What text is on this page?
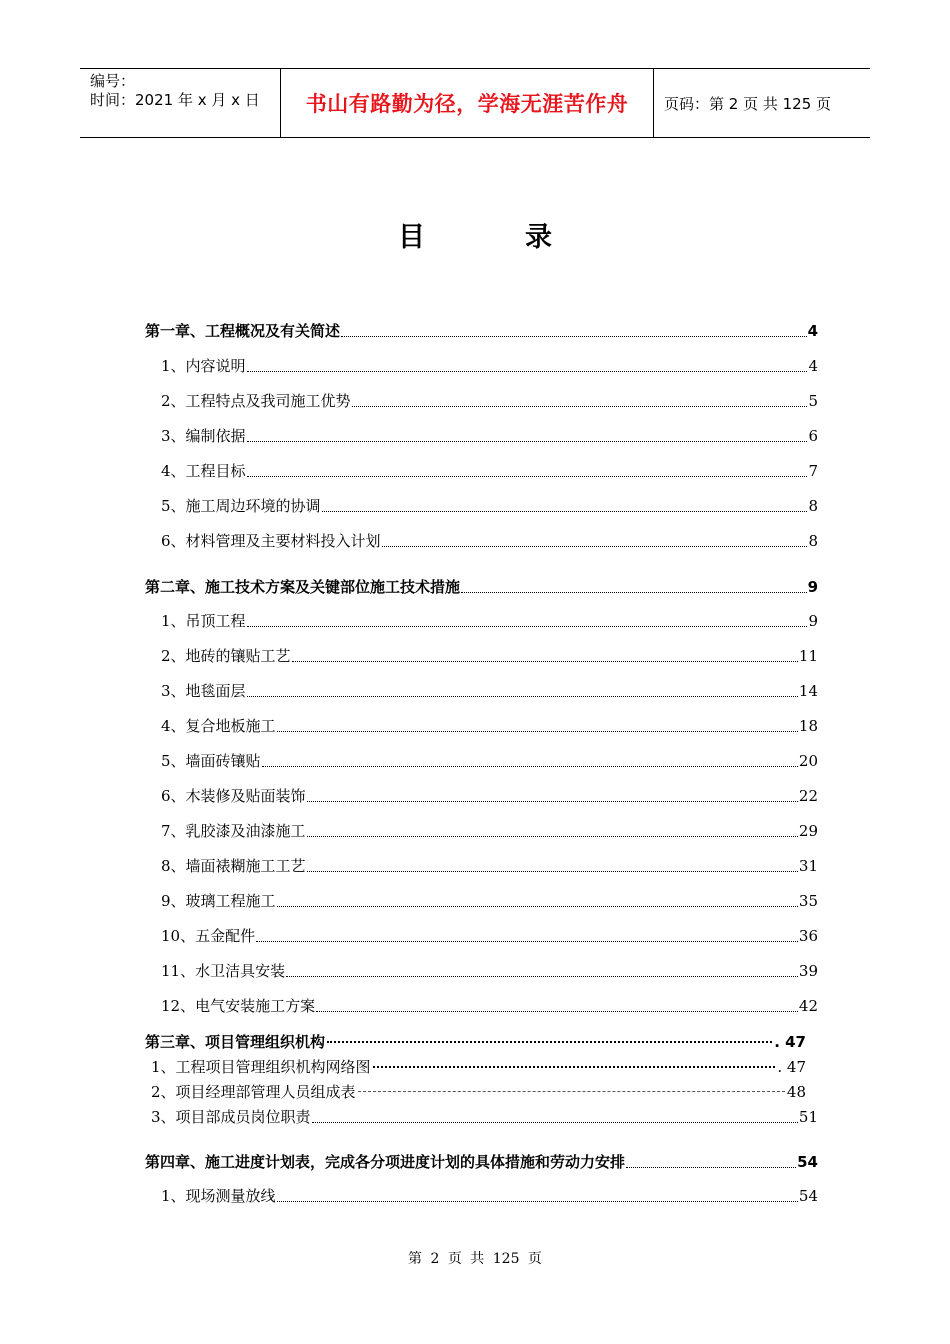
编号：
时间：2021 年 x 月 x 日	书山有路勤为径，学海无涯苦作舟	页码：第 2 页 共 125 页
目录
第一章、工程概况及有关简述	4
1、内容说明	4
2、工程特点及我司施工优势	5
3、编制依据	6
4、工程目标	7
5、施工周边环境的协调	8
6、材料管理及主要材料投入计划	8
第二章、施工技术方案及关键部位施工技术措施	9
1、吊顶工程	9
2、地砖的镶贴工艺	11
3、地毯面层	14
4、复合地板施工	18
5、墙面砖镶贴	20
6、木装修及贴面装饰	22
7、乳胶漆及油漆施工	29
8、墙面裱糊施工工艺	31
9、玻璃工程施工	35
10、五金配件	36
11、水卫洁具安装	39
12、电气安装施工方案	42
第三章、项目管理组织机构	. 47
1、工程项目管理组织机构网络图	. 47
2、项目经理部管理人员组成表	48
3、项目部成员岗位职责	51
第四章、施工进度计划表，完成各分项进度计划的具体措施和劳动力安排	54
1、现场测量放线	54
第 2 页 共 125 页
